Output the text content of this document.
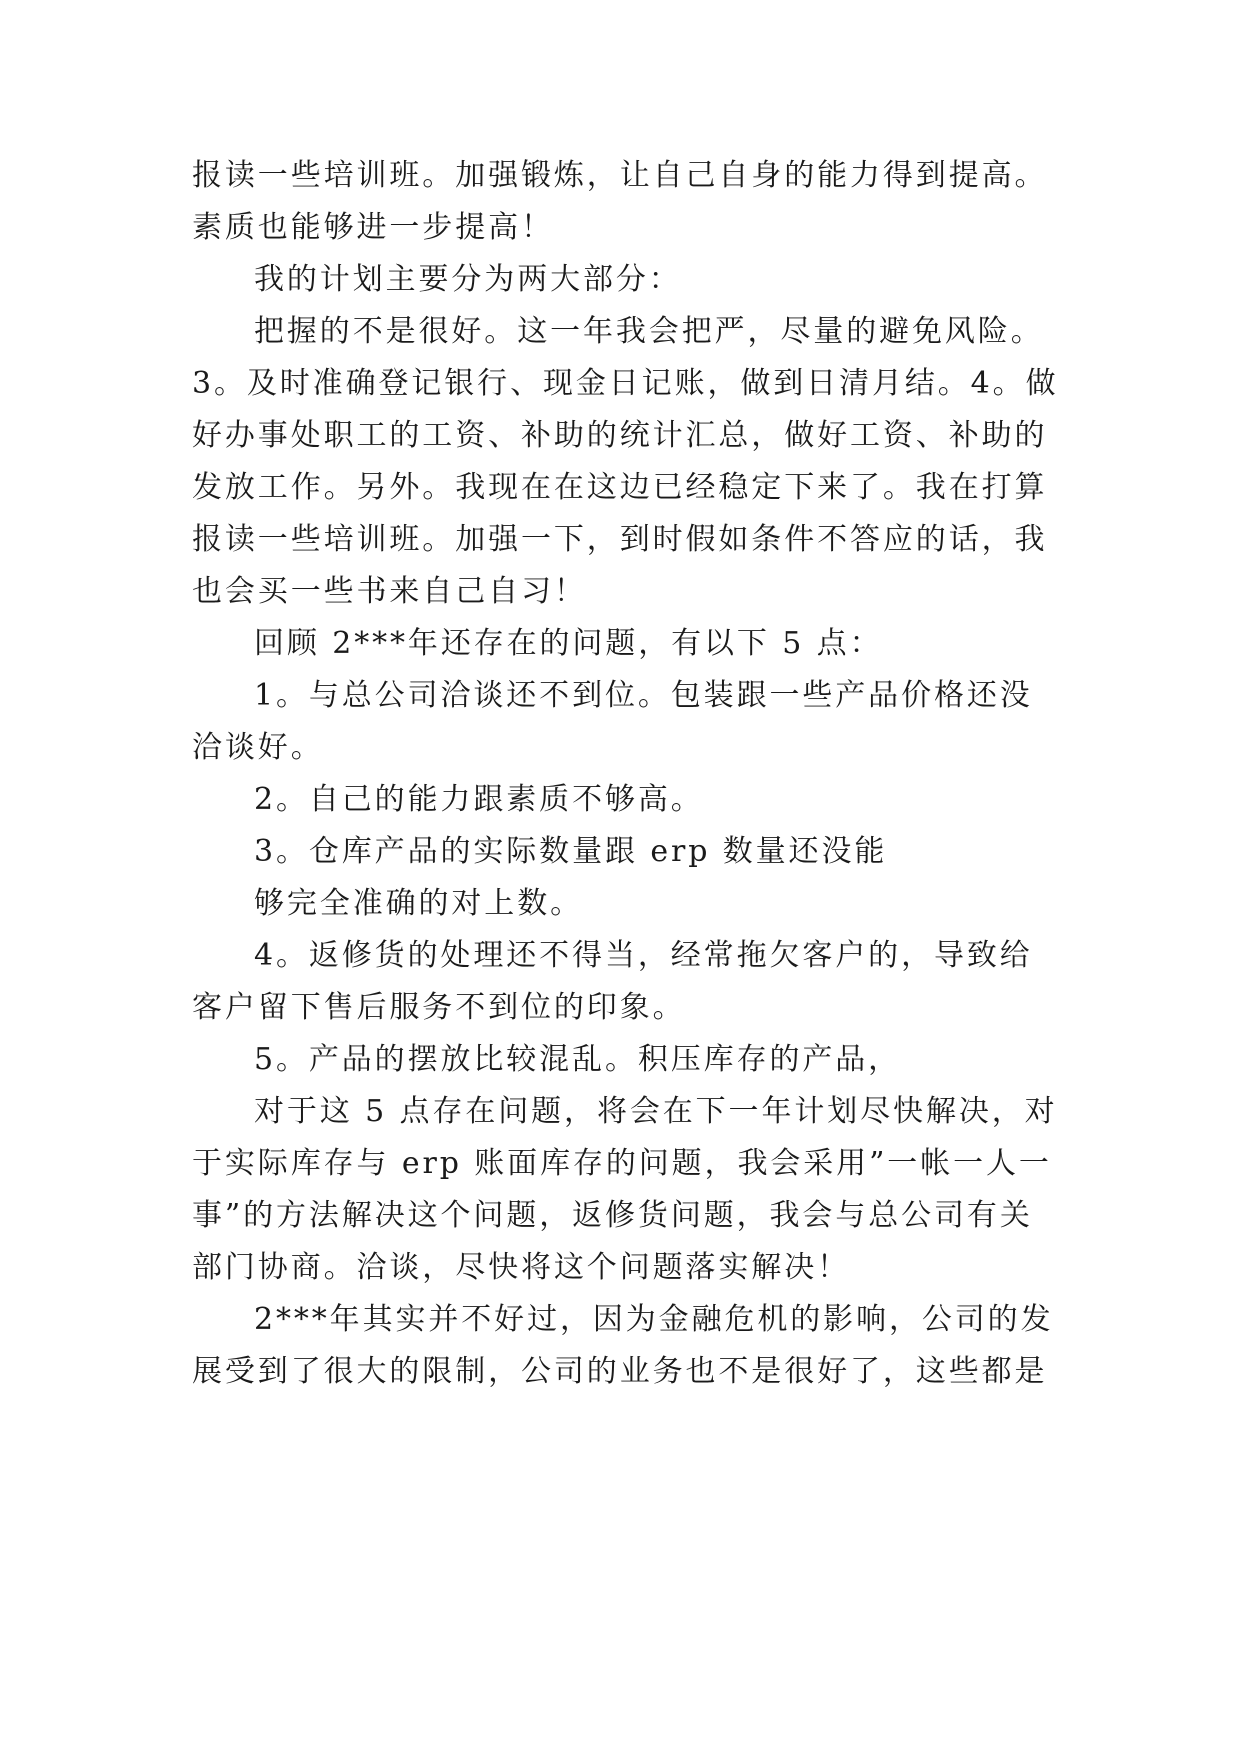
报读一些培训班。加强锻炼，让自己自身的能力得到提高。
素质也能够进一步提高！
我的计划主要分为两大部分：
把握的不是很好。这一年我会把严，尽量的避免风险。
3。及时准确登记银行、现金日记账，做到日清月结。4。做
好办事处职工的工资、补助的统计汇总，做好工资、补助的
发放工作。另外。我现在在这边已经稳定下来了。我在打算
报读一些培训班。加强一下，到时假如条件不答应的话，我
也会买一些书来自己自习！
回顾 2***年还存在的问题，有以下 5 点：
1。与总公司洽谈还不到位。包装跟一些产品价格还没
洽谈好。
2。自己的能力跟素质不够高。
3。仓库产品的实际数量跟 erp 数量还没能
够完全准确的对上数。
4。返修货的处理还不得当，经常拖欠客户的，导致给
客户留下售后服务不到位的印象。
5。产品的摆放比较混乱。积压库存的产品，
对于这 5 点存在问题，将会在下一年计划尽快解决，对
于实际库存与 erp 账面库存的问题，我会采用”一帐一人一
事”的方法解决这个问题，返修货问题，我会与总公司有关
部门协商。洽谈，尽快将这个问题落实解决！
2***年其实并不好过，因为金融危机的影响，公司的发
展受到了很大的限制，公司的业务也不是很好了，这些都是
